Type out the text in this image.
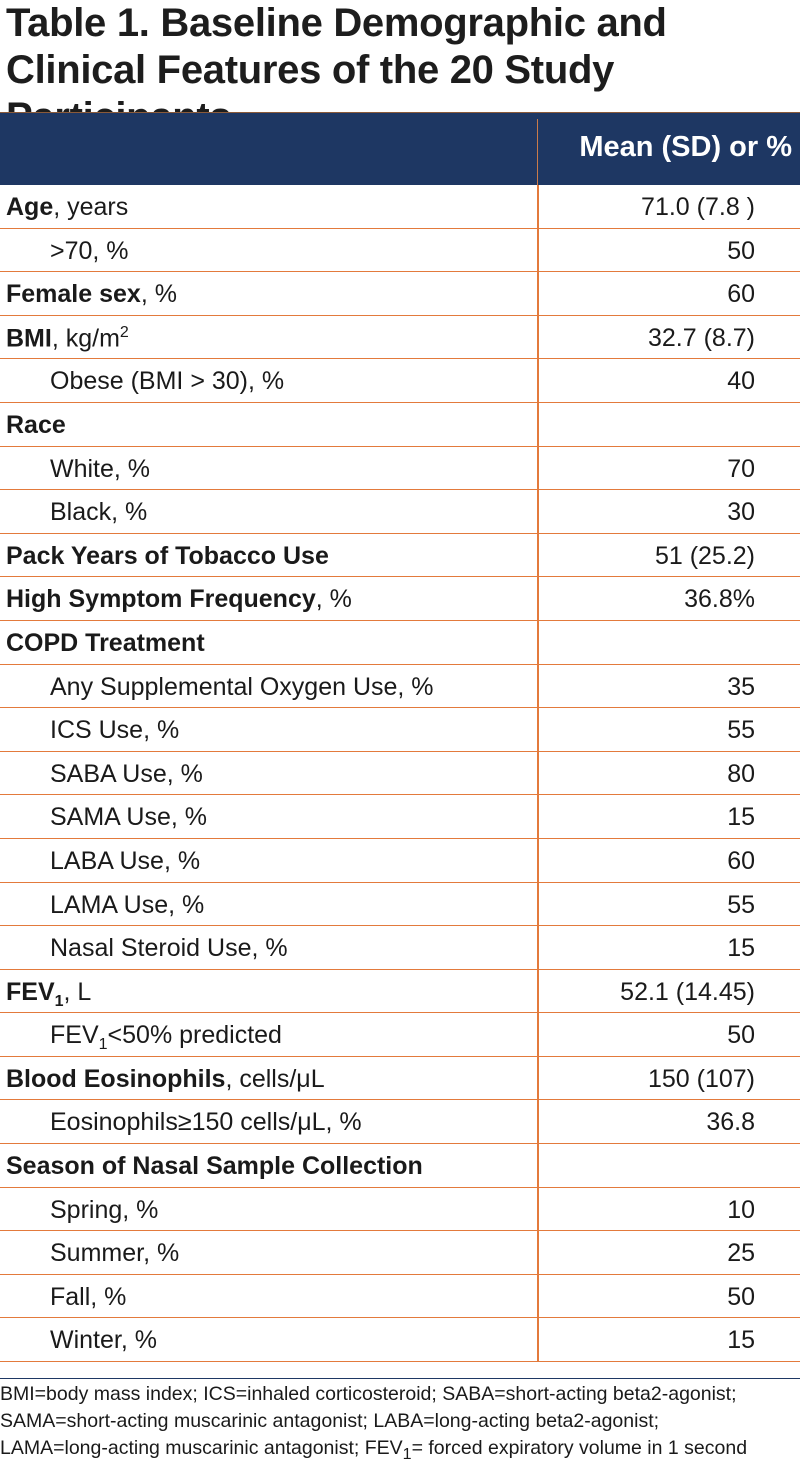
Table 1. Baseline Demographic and Clinical Features of the 20 Study
Mean (SD) or %
Age, years	71.0 (7.8 )
>70, %	50
Female sex, %	60
BMI, $kg/m^2$	32.7 (8.7)
Obese (BMI > 30), %	40
Race
White, %	70
Black, %	30
Pack Years of Tobacco Use	51 (25.2)
High Symptom Frequency, %	36.8%
COPD Treatment
Any Supplemental Oxygen Use, %	35
ICS Use, %	55
SABA Use, %	80
SAMA Use, %	15
LABA Use, %	60
LAMA Use, %	55
Nasal Steroid Use, %	15
$FEV_1$, L	52.1 (14.45)
$FEV_1<50\%$ predicted	50
Blood Eosinophils, cells/μL	150 (107)
Eosinophils≥150 cells/μL, %	36.8
Season of Nasal Sample Collection
Spring, %	10
Summer, %	25
Fall, %	50
Winter, %	15
BMI=body mass index; ICS=inhaled corticosteroid; SABA=short-acting beta2-agonist;
SAMA=short-acting muscarinic antagonist; LABA=long-acting beta2-agonist;
LAMA=long-acting muscarinic antagonist; $FEV_1=$ forced expiratory volume in 1 second
